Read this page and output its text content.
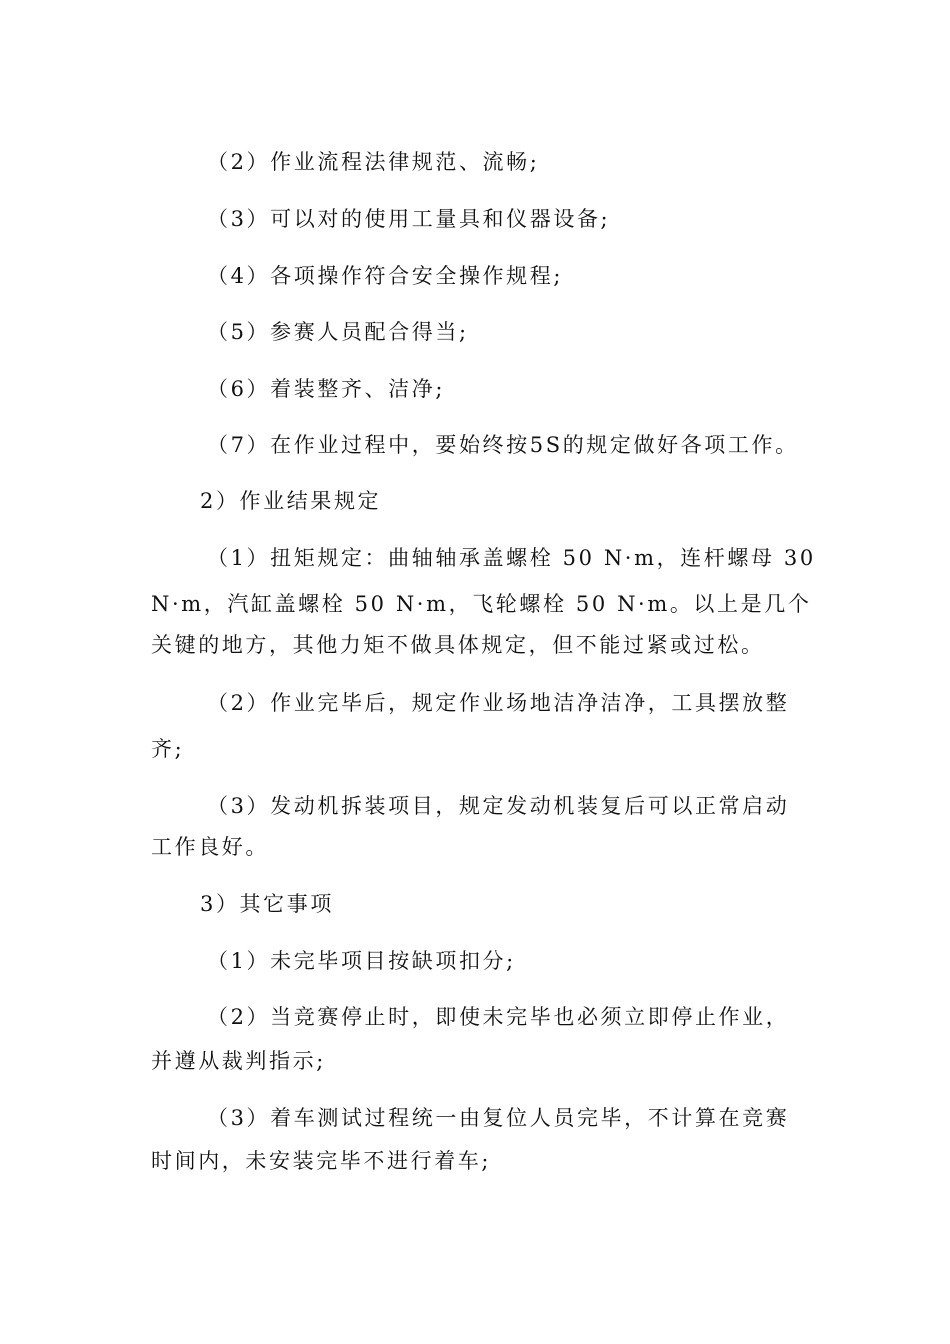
（2）作业流程法律规范、流畅;
（3）可以对的使用工量具和仪器设备;
（4）各项操作符合安全操作规程;
（5）参赛人员配合得当;
（6）着装整齐、洁净;
（7）在作业过程中，要始终按5S的规定做好各项工作。
2）作业结果规定
（1）扭矩规定：曲轴轴承盖螺栓 50 N·m，连杆螺母 30
N·m，汽缸盖螺栓 50 N·m，飞轮螺栓 50 N·m。以上是几个
关键的地方，其他力矩不做具体规定，但不能过紧或过松。
（2）作业完毕后，规定作业场地洁净洁净，工具摆放整
齐;
（3）发动机拆装项目，规定发动机装复后可以正常启动
工作良好。
3）其它事项
（1）未完毕项目按缺项扣分;
（2）当竞赛停止时，即使未完毕也必须立即停止作业，
并遵从裁判指示;
（3）着车测试过程统一由复位人员完毕，不计算在竞赛
时间内，未安装完毕不进行着车;
